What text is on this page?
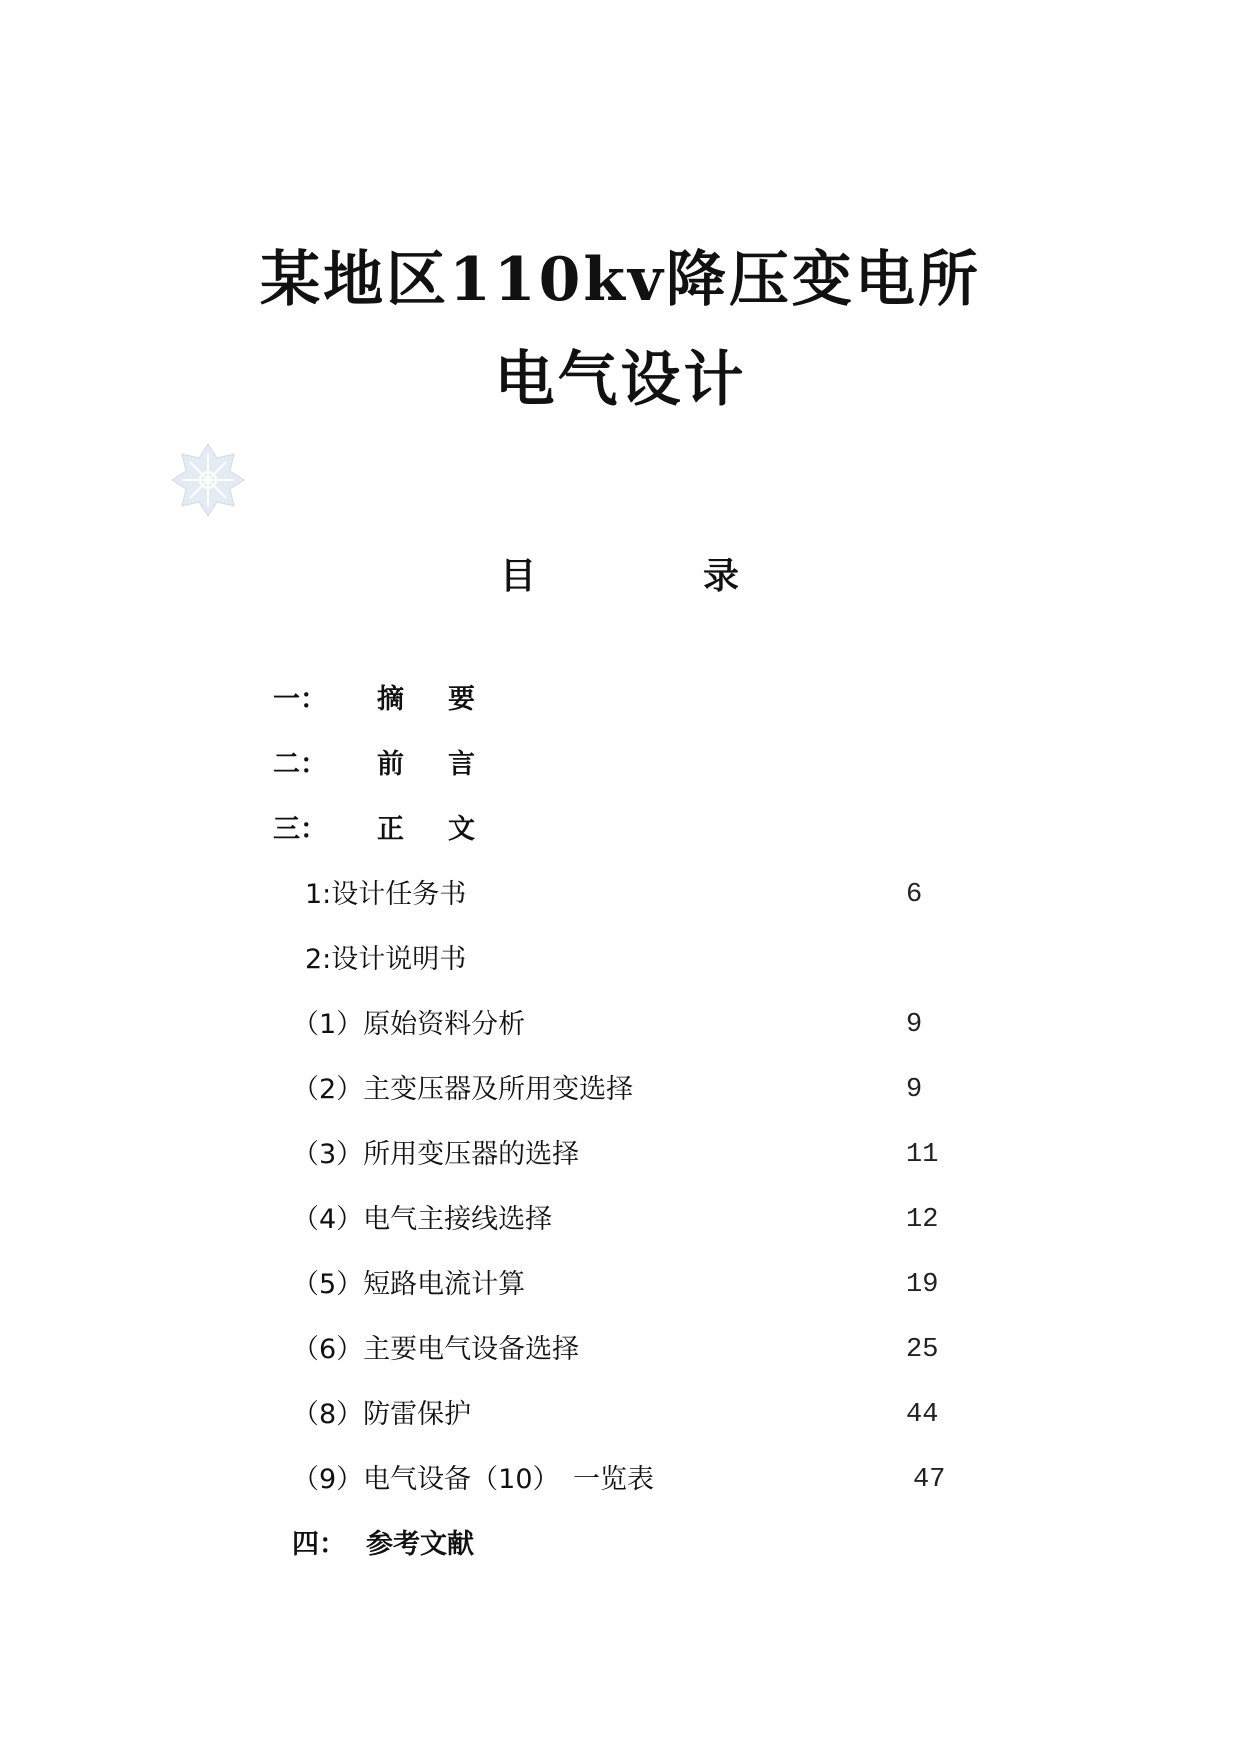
某地区110kv降压变电所
电气设计
目	录
一： 摘 要
二： 前 言
三： 正 文
1:设计任务书	6
2:设计说明书
（1）原始资料分析	9
（2）主变压器及所用变选择	9
（3）所用变压器的选择	11
（4）电气主接线选择	12
（5）短路电流计算	19
（6）主要电气设备选择	25
（8）防雷保护	44
（9）电气设备（10）　一览表	47
四： 参考文献
